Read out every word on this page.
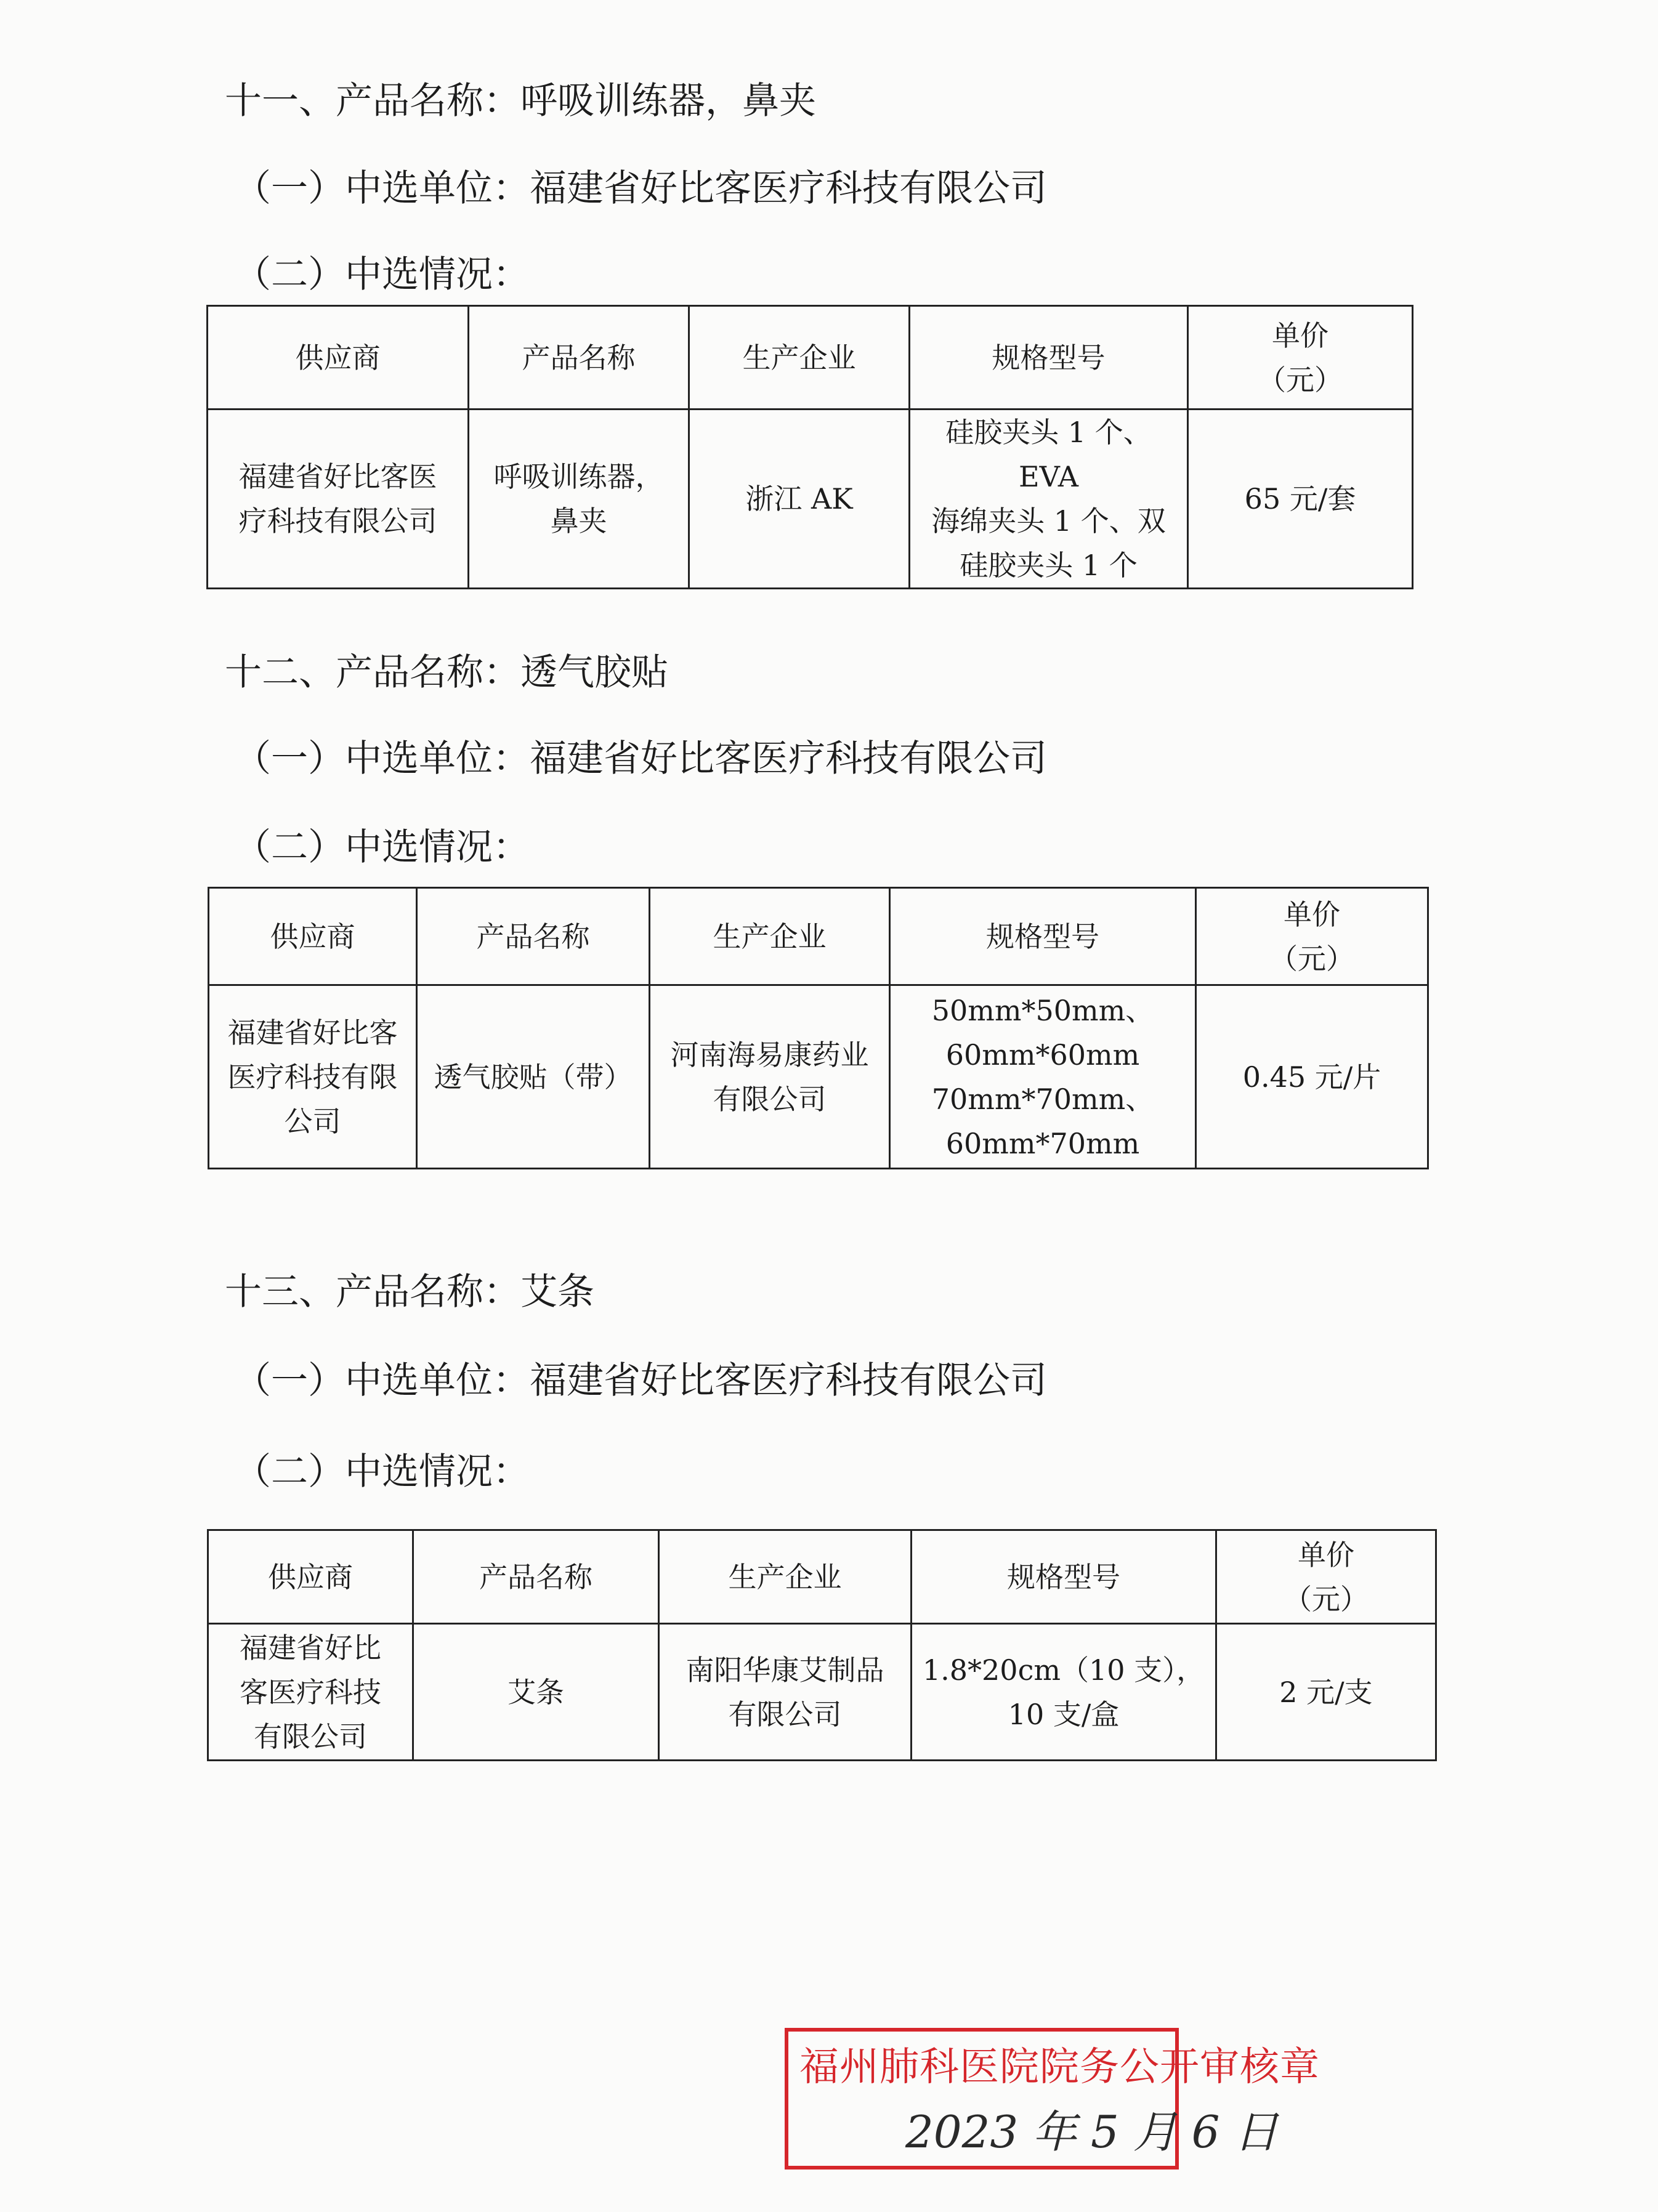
十一、产品名称：呼吸训练器，鼻夹
（一）中选单位：福建省好比客医疗科技有限公司
（二）中选情况：
供应商	产品名称	生产企业	规格型号	单价
（元）

福建省好比客医
疗科技有限公司	呼吸训练器，
鼻夹	浙江 AK	硅胶夹头 1 个、EVA
海绵夹头 1 个、双
硅胶夹头 1 个	65 元/套
十二、产品名称：透气胶贴
（一）中选单位：福建省好比客医疗科技有限公司
（二）中选情况：
供应商	产品名称	生产企业	规格型号	单价
（元）

福建省好比客
医疗科技有限
公司	透气胶贴（带）	河南海易康药业
有限公司	50mm*50mm、
60mm*60mm
70mm*70mm、
60mm*70mm	0.45 元/片
十三、产品名称：艾条
（一）中选单位：福建省好比客医疗科技有限公司
（二）中选情况：
供应商	产品名称	生产企业	规格型号	单价
（元）

福建省好比
客医疗科技
有限公司	艾条	南阳华康艾制品
有限公司	1.8*20cm（10 支），
10 支/盒	2 元/支
福州肺科医院院务公开审核章
2023 年 5 月 6 日
